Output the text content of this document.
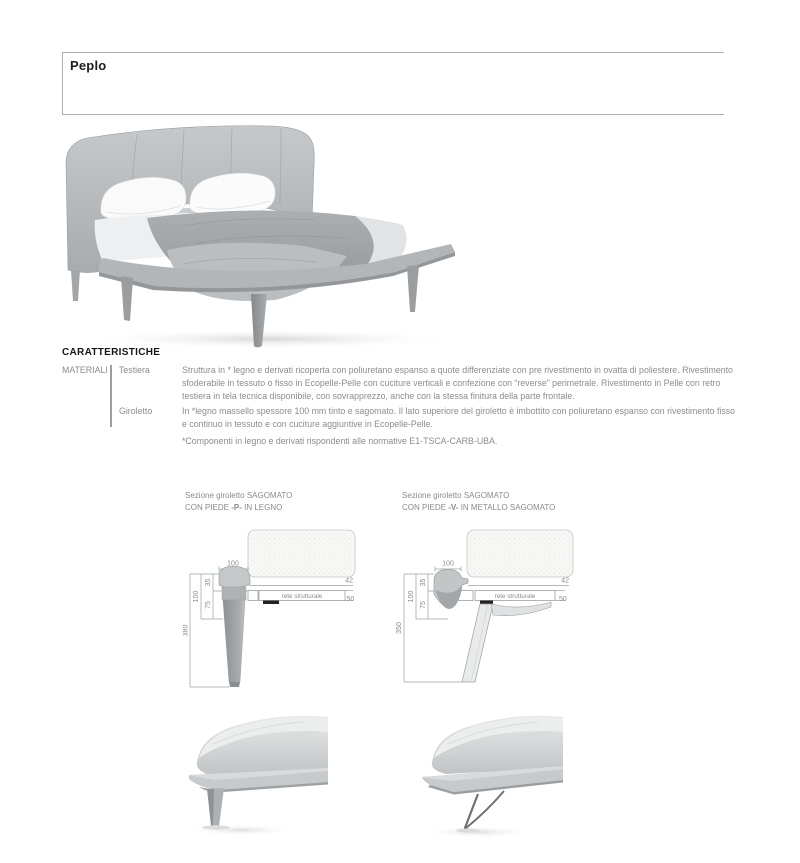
Peplo
CARATTERISTICHE
MATERIALI Testiera	Struttura in * legno e derivati ricoperta con poliuretano espanso a quote differenziate con pre rivestimento in ovatta di poliestere. Rivestimento sfoderabile in tessuto o fisso in Ecopelle-Pelle con cuciture verticali e confezione con “reverse” perimetrale. Rivestimento in Pelle con retro testiera in tela tecnica disponibile, con sovrapprezzo, anche con la stessa finitura della parte frontale.
Giroletto	In *legno massello spessore 100 mm tinto e sagomato. Il lato superiore del giroletto è imbottito con poliuretano espanso con rivestimento fisso e continuo in tessuto e con cuciture aggiuntive in Ecopelle-Pelle.
*Componenti in legno e derivati rispondenti alle normative E1-TSCA-CARB-UBA.
Sezione giroletto SAGOMATO
CON PIEDE -P- IN LEGNO
Sezione giroletto SAGOMATO
CON PIEDE -V- IN METALLO SAGOMATO
100
42
50
rete strutturale
35
75
100
380
100
42
50
rete strutturale
35
75
100
350
